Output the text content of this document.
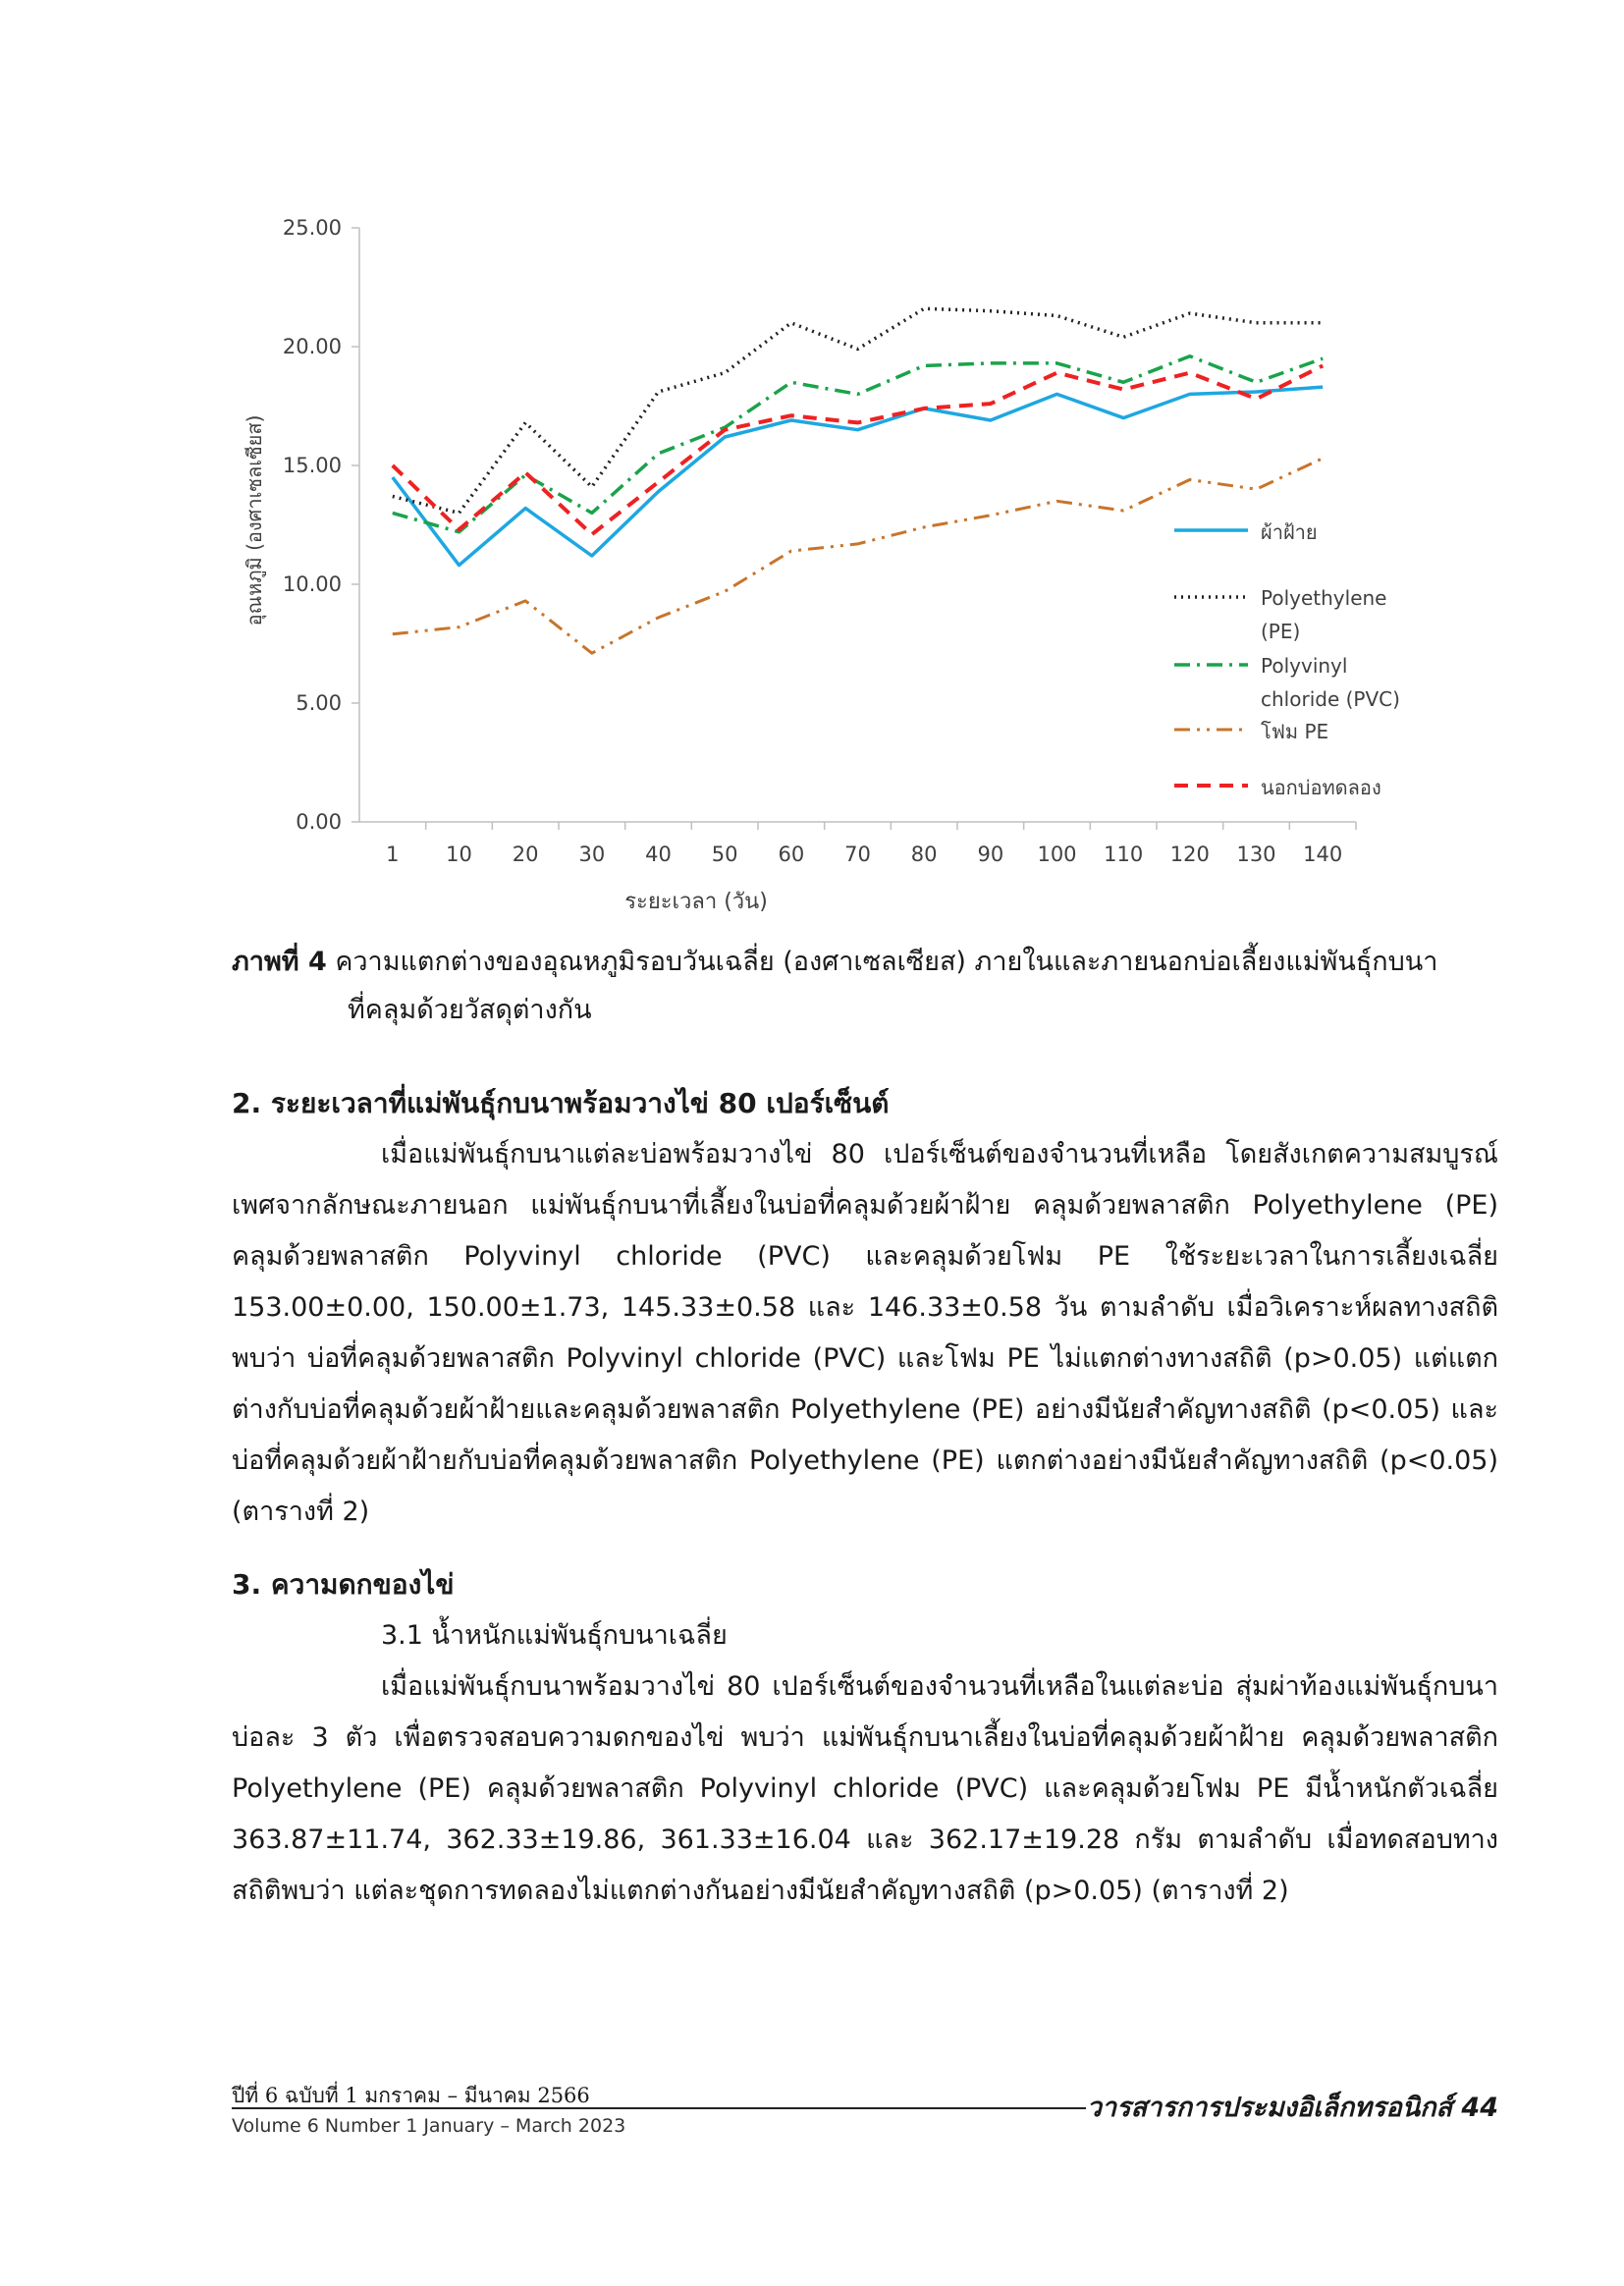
0.00
5.00
10.00
15.00
20.00
25.00
1 10 20 30 40 50 60 70 80 90 100 110 120 130 140
ระยะเวลา (วัน)
อุณหภูมิ (องศาเซลเซียส)	ผ้าฝ้าย
Polyethylene
(PE)
Polyvinyl
chloride (PVC)
โฟม PE
นอกบ่อทดลอง
ภาพที่ 4 ความแตกต่างของอุณหภูมิรอบวันเฉลี่ย (องศาเซลเซียส) ภายในและภายนอกบ่อเลี้ยงแม่พันธุ์กบนา
ที่คลุมด้วยวัสดุต่างกัน
2. ระยะเวลาที่แม่พันธุ์กบนาพร้อมวางไข่ 80 เปอร์เซ็นต์

เมื่อแม่พันธุ์กบนาแต่ละบ่อพร้อมวางไข่ 80 เปอร์เซ็นต์ของจำนวนที่เหลือ โดยสังเกตความสมบูรณ์เพศจากลักษณะภายนอก แม่พันธุ์กบนาที่เลี้ยงในบ่อที่คลุมด้วยผ้าฝ้าย คลุมด้วยพลาสติก Polyethylene (PE) คลุมด้วยพลาสติก Polyvinyl chloride (PVC) และคลุมด้วยโฟม PE ใช้ระยะเวลาในการเลี้ยงเฉลี่ย 153.00±0.00, 150.00±1.73, 145.33±0.58 และ 146.33±0.58 วัน ตามลำดับ เมื่อวิเคราะห์ผลทางสถิติพบว่า บ่อที่คลุมด้วยพลาสติก Polyvinyl chloride (PVC) และโฟม PE ไม่แตกต่างทางสถิติ (p>0.05) แต่แตกต่างกับบ่อที่คลุมด้วยผ้าฝ้ายและคลุมด้วยพลาสติก Polyethylene (PE) อย่างมีนัยสำคัญทางสถิติ (p<0.05) และบ่อที่คลุมด้วยผ้าฝ้ายกับบ่อที่คลุมด้วยพลาสติก Polyethylene (PE) แตกต่างอย่างมีนัยสำคัญทางสถิติ (p<0.05) (ตารางที่ 2)

3. ความดกของไข่

3.1 น้ำหนักแม่พันธุ์กบนาเฉลี่ย

เมื่อแม่พันธุ์กบนาพร้อมวางไข่ 80 เปอร์เซ็นต์ของจำนวนที่เหลือในแต่ละบ่อ สุ่มผ่าท้องแม่พันธุ์กบนาบ่อละ 3 ตัว เพื่อตรวจสอบความดกของไข่ พบว่า แม่พันธุ์กบนาเลี้ยงในบ่อที่คลุมด้วยผ้าฝ้าย คลุมด้วยพลาสติก Polyethylene (PE) คลุมด้วยพลาสติก Polyvinyl chloride (PVC) และคลุมด้วยโฟม PE มีน้ำหนักตัวเฉลี่ย 363.87±11.74, 362.33±19.86, 361.33±16.04 และ 362.17±19.28 กรัม ตามลำดับ เมื่อทดสอบทางสถิติพบว่า แต่ละชุดการทดลองไม่แตกต่างกันอย่างมีนัยสำคัญทางสถิติ (p>0.05) (ตารางที่ 2)

ปีที่ 6 ฉบับที่ 1 มกราคม – มีนาคม 2566
Volume 6 Number 1 January – March 2023
วารสารการประมงอิเล็กทรอนิกส์ 44
